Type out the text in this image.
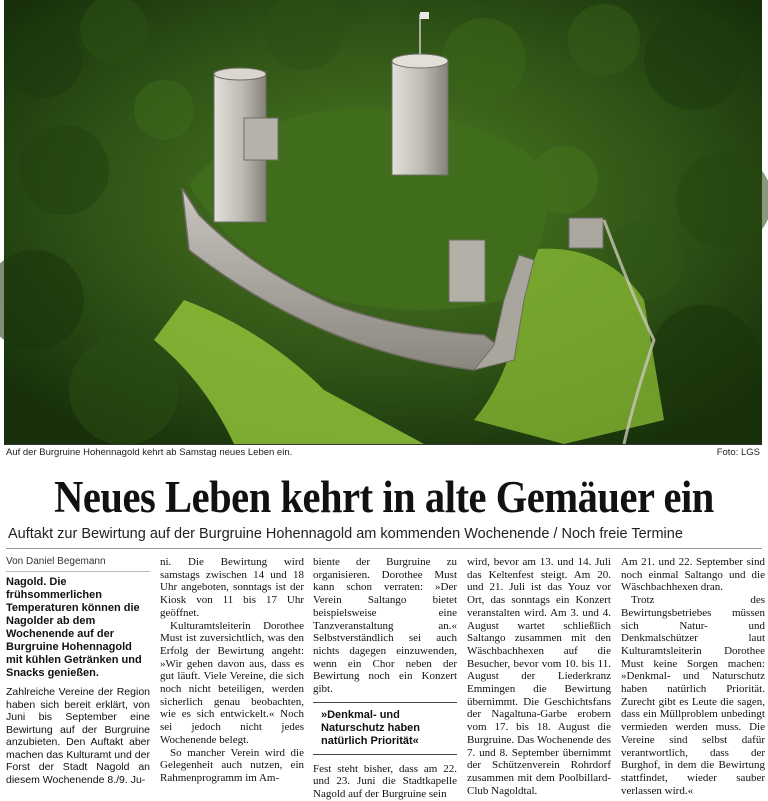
Auf der Burgruine Hohennagold kehrt ab Samstag neues Leben ein.	Foto: LGS
Neues Leben kehrt in alte Gemäuer ein
Auftakt zur Bewirtung auf der Burgruine Hohennagold am kommenden Wochenende / Noch freie Termine
Von Daniel Begemann

Nagold. Die frühsommerlichen Temperaturen können die Nagolder ab dem Wochenende auf der Burgruine Hohennagold mit kühlen Getränken und Snacks genießen.

Zahlreiche Vereine der Region haben sich bereit erklärt, von Juni bis September eine Bewirtung auf der Burgruine anzubieten. Den Auftakt aber machen das Kulturamt und der Forst der Stadt Nagold an diesem Wochenende 8./9. Ju-

ni. Die Bewirtung wird samstags zwischen 14 und 18 Uhr angeboten, sonntags ist der Kiosk von 11 bis 17 Uhr geöffnet.

Kulturamtsleiterin Dorothee Must ist zuversichtlich, was den Erfolg der Bewirtung angeht: »Wir gehen davon aus, dass es gut läuft. Viele Vereine, die sich noch nicht beteiligen, werden sicherlich genau beobachten, wie es sich entwickelt.« Noch sei jedoch nicht jedes Wochenende belegt.

So mancher Verein wird die Gelegenheit auch nutzen, ein Rahmenprogramm im Am-

biente der Burgruine zu organisieren. Dorothee Must kann schon verraten: »Der Verein Saltango bietet beispielsweise eine Tanzveranstaltung an.« Selbstverständlich sei auch nichts dagegen einzuwenden, wenn ein Chor neben der Bewirtung noch ein Konzert gibt.

»Denkmal- und Naturschutz haben natürlich Priorität«

Fest steht bisher, dass am 22. und 23. Juni die Stadtkapelle Nagold auf der Burgruine sein

wird, bevor am 13. und 14. Juli das Keltenfest steigt. Am 20. und 21. Juli ist das Youz vor Ort, das sonntags ein Konzert veranstalten wird. Am 3. und 4. August wartet schließlich Saltango zusammen mit den Wäschbachhexen auf die Besucher, bevor vom 10. bis 11. August der Liederkranz Emmingen die Bewirtung übernimmt. Die Geschichtsfans der Nagaltuna-Garbe erobern vom 17. bis 18. August die Burgruine. Das Wochenende des 7. und 8. September übernimmt der Schützenverein Rohrdorf zusammen mit dem Poolbillard-Club Nagoldtal.

Am 21. und 22. September sind noch einmal Saltango und die Wäschbachhexen dran.

Trotz des Bewirtungsbetriebes müssen sich Natur- und Denkmalschützer laut Kulturamtsleiterin Dorothee Must keine Sorgen machen: »Denkmal- und Naturschutz haben natürlich Priorität. Zurecht gibt es Leute die sagen, dass ein Müllproblem unbedingt vermieden werden muss. Die Vereine sind selbst dafür verantwortlich, dass der Burghof, in dem die Bewirtung stattfindet, wieder sauber verlassen wird.«
